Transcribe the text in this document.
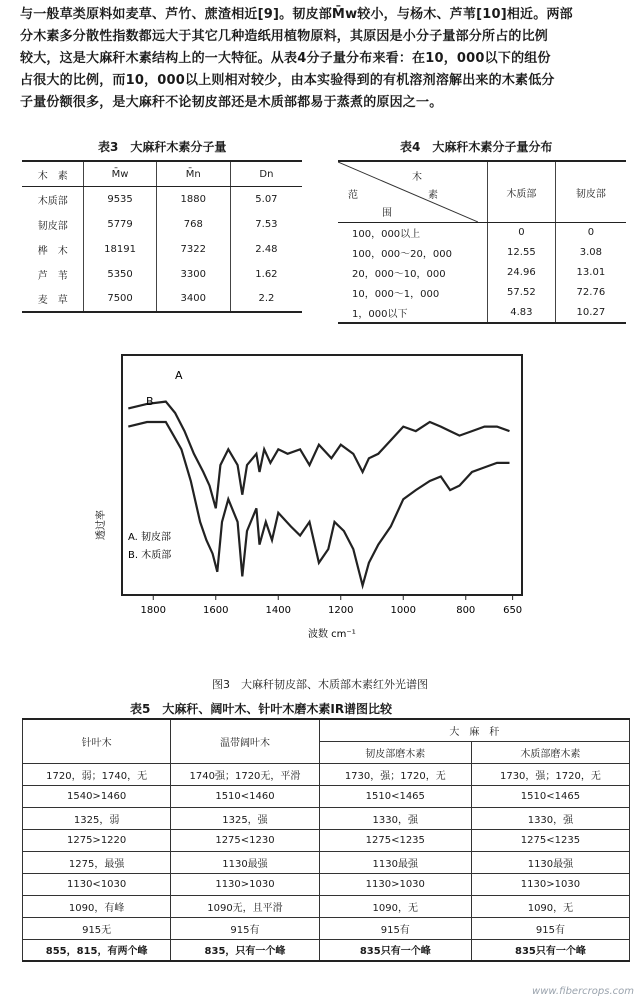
与一般草类原料如麦草、芦竹、蔗渣相近[9]。韧皮部M̄w较小，与杨木、芦苇[10]相近。两部
分木素多分散性指数都远大于其它几种造纸用植物原料，其原因是小分子量部分所占的比例
较大，这是大麻秆木素结构上的一大特征。从表4分子量分布来看：在10，000以下的组份
占很大的比例，而10，000以上则相对较少，由本实验得到的有机溶剂溶解出来的木素低分
子量份额很多，是大麻秆不论韧皮部还是木质部都易于蒸煮的原因之一。
表3　大麻秆木素分子量
木　素	M̄w	M̄n	Dn
木质部	9535	1880	5.07
韧皮部	5779	768	7.53
桦　木	18191	7322	2.48
芦　苇	5350	3300	1.62
麦　草	7500	3400	2.2
表4　大麻秆木素分子量分布
木
范 素
围	木质部	韧皮部
100，000以上	0	0
100，000～20，000	12.55	3.08
20，000～10，000	24.96	13.01
10，000～1，000	57.52	72.76
1，000以下	4.83	10.27
A
B
A. 韧皮部
B. 木质部
透过率
1800	1600	1400	1200	1000	800	650
波数 cm⁻¹
图3　大麻秆韧皮部、木质部木素红外光谱图
表5　大麻秆、阔叶木、针叶木磨木素IR谱图比较
针叶木	温带阔叶木	大　麻　秆	
		韧皮部磨木素	木质部磨木素
1720，弱；1740，无	1740强；1720无，平滑	1730，强；1720，无	1730，强；1720，无
1540>1460	1510<1460	1510<1465	1510<1465
1325，弱	1325，强	1330，强	1330，强
1275>1220	1275<1230	1275<1235	1275<1235
1275，最强	1130最强	1130最强	1130最强
1130<1030	1130>1030	1130>1030	1130>1030
1090，有峰	1090无，且平滑	1090，无	1090，无
915无	915有	915有	915有
855，815，有两个峰	835，只有一个峰	835只有一个峰	835只有一个峰
www.fibercrops.com
